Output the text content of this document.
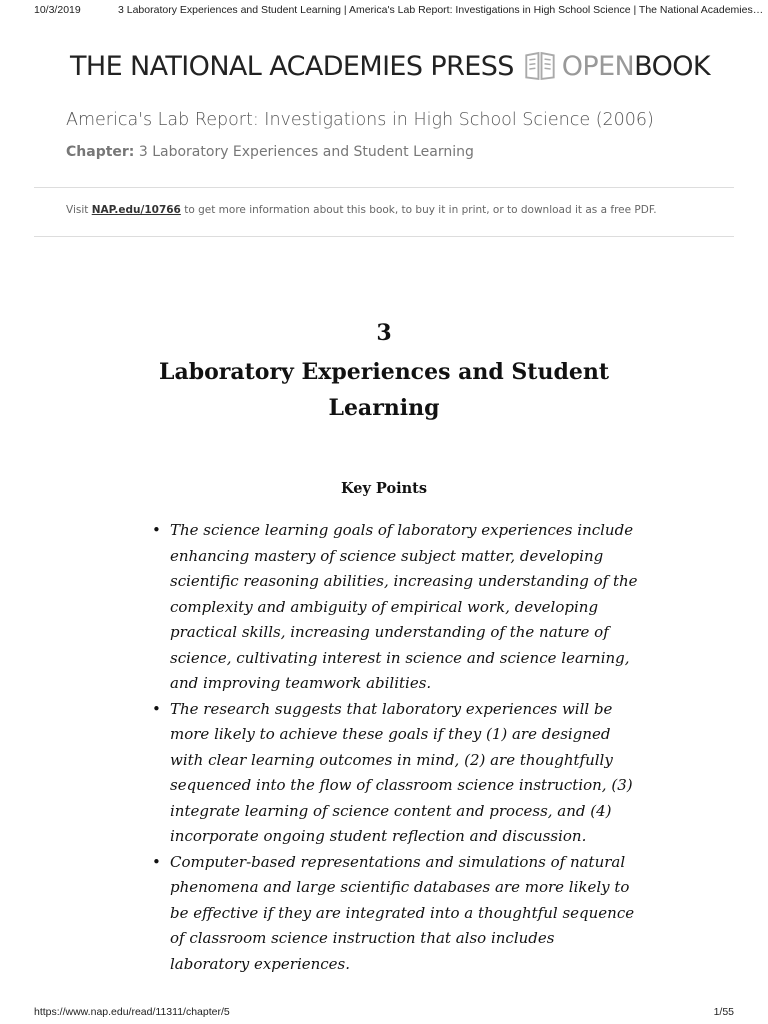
10/3/2019	3 Laboratory Experiences and Student Learning | America's Lab Report: Investigations in High School Science | The National Academies…
THE NATIONAL ACADEMIES PRESS OPEN BOOK
America's Lab Report: Investigations in High School Science (2006)
Chapter: 3 Laboratory Experiences and Student Learning
Visit NAP.edu/10766 to get more information about this book, to buy it in print, or to download it as a free PDF.
3
Laboratory Experiences and Student Learning
Key Points
• The science learning goals of laboratory experiences include enhancing mastery of science subject matter, developing scientific reasoning abilities, increasing understanding of the complexity and ambiguity of empirical work, developing practical skills, increasing understanding of the nature of science, cultivating interest in science and science learning, and improving teamwork abilities.
• The research suggests that laboratory experiences will be more likely to achieve these goals if they (1) are designed with clear learning outcomes in mind, (2) are thoughtfully sequenced into the flow of classroom science instruction, (3) integrate learning of science content and process, and (4) incorporate ongoing student reflection and discussion.
• Computer-based representations and simulations of natural phenomena and large scientific databases are more likely to be effective if they are integrated into a thoughtful sequence of classroom science instruction that also includes laboratory experiences.
https://www.nap.edu/read/11311/chapter/5	1/55
